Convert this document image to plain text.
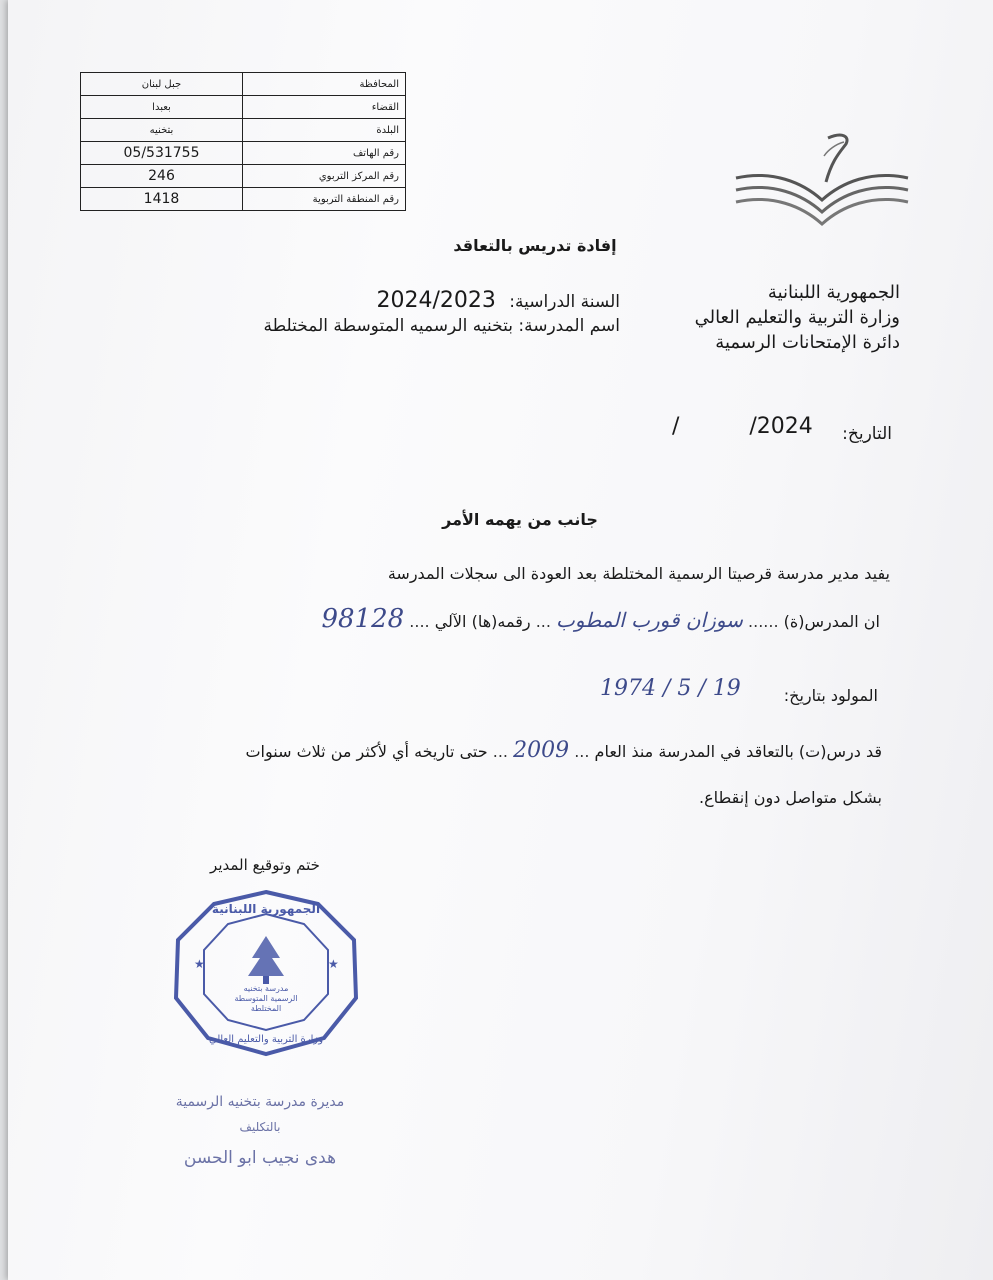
المحافظة	جبل لبنان
القضاء	بعبدا
البلدة	بتخنيه
رقم الهاتف	05/531755
رقم المركز التربوي	246
رقم المنطقة التربوية	1418
إفادة تدريس بالتعاقد
الجمهورية اللبنانية
وزارة التربية والتعليم العالي
دائرة الإمتحانات الرسمية
السنة الدراسية: 2024/2023
اسم المدرسة: بتخنيه الرسميه المتوسطة المختلطة
التاريخ:
/          /2024
جانب من يهمه الأمر
يفيد مدير مدرسة قرصيتا الرسمية المختلطة بعد العودة الى سجلات المدرسة
ان المدرس(ة) ...... سوزان قورب المطوب ... رقمه(ها) الآلي .... 98128
المولود بتاريخ:
1974 / 5 / 19
قد درس(ت) بالتعاقد في المدرسة منذ العام ... 2009 ... حتى تاريخه أي لأكثر من ثلاث سنوات
بشكل متواصل دون إنقطاع.
ختم وتوقيع المدير
★	★
الجمهورية اللبنانية
مدرسة بتخنيه
الرسمية المتوسطة
المختلطة
وزارة التربية والتعليم العالي
مديرة مدرسة بتخنيه الرسمية
بالتكليف
هدى نجيب ابو الحسن
